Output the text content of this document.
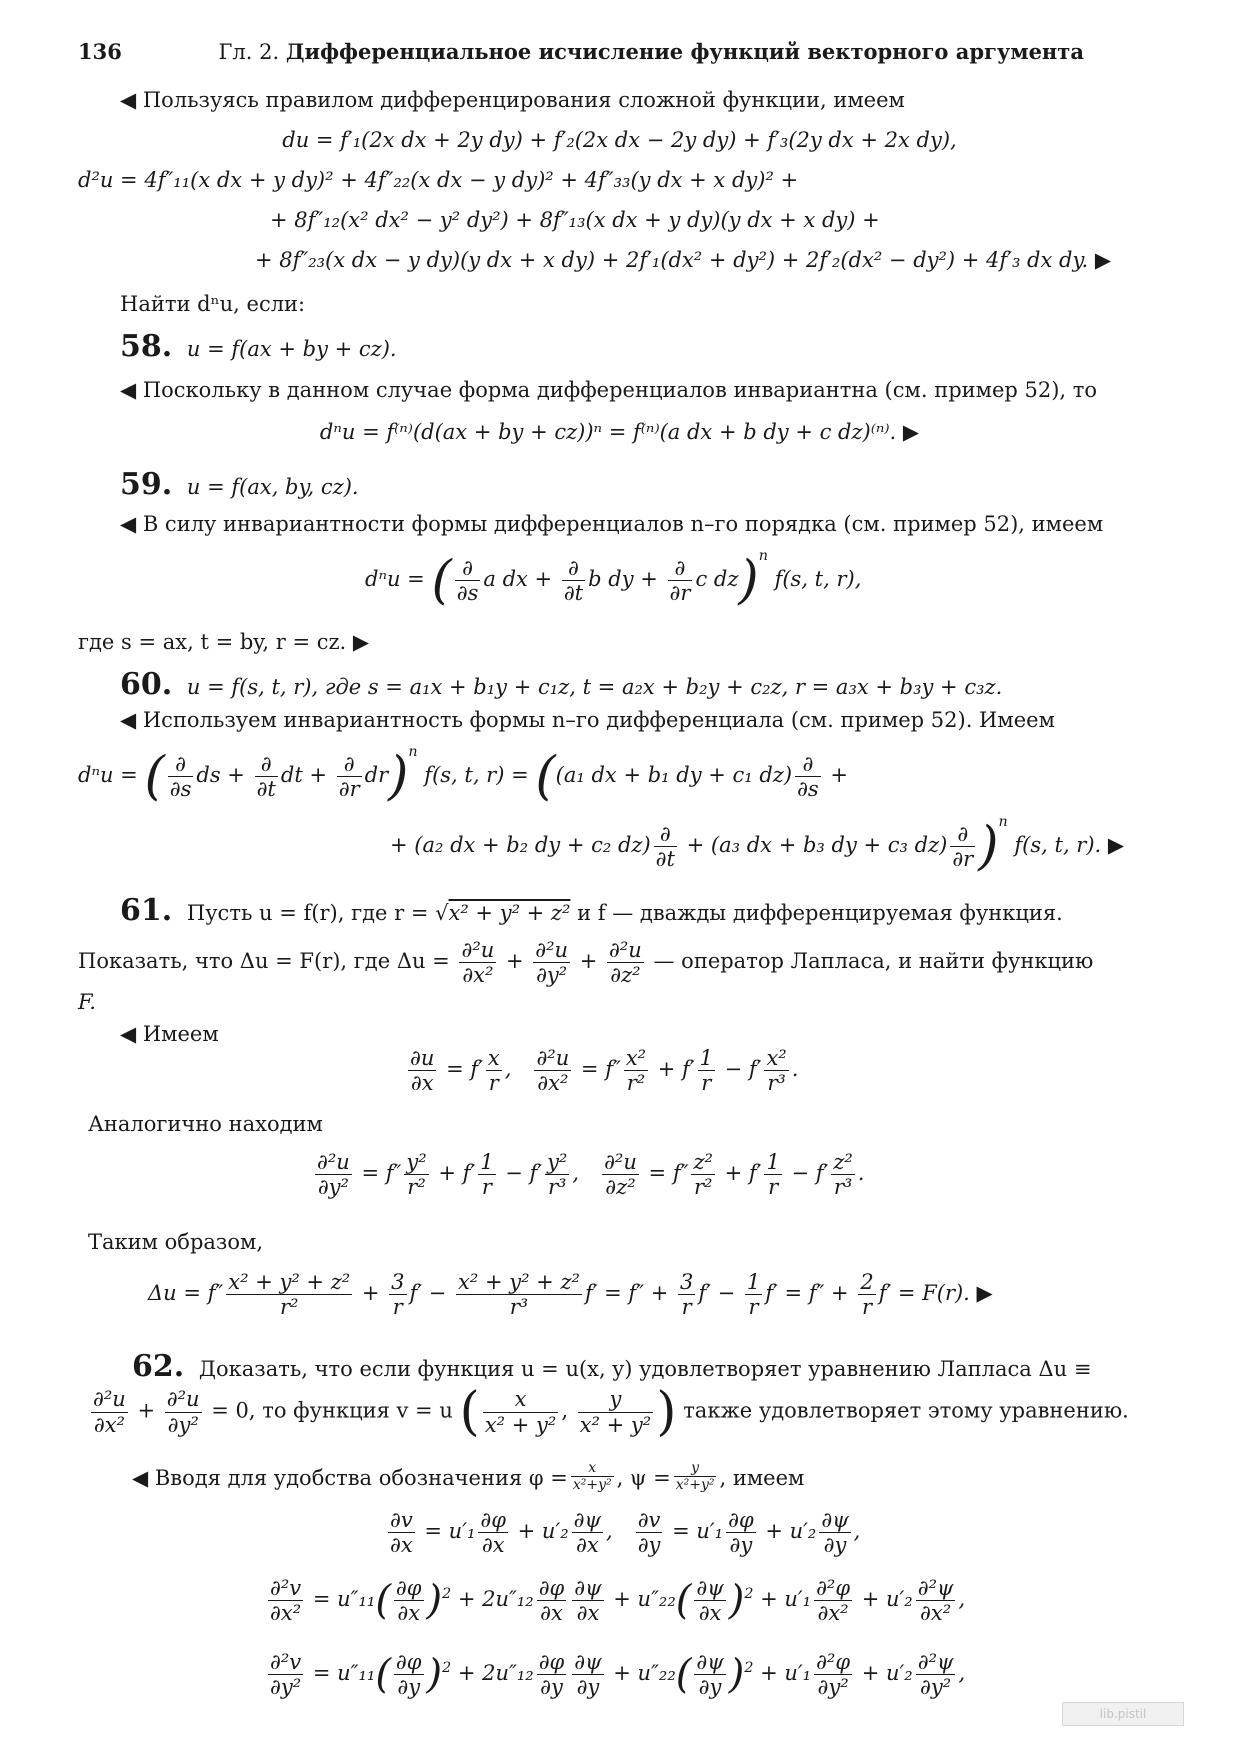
136	Гл. 2. Дифференциальное исчисление функций векторного аргумента
◀ Пользуясь правилом дифференцирования сложной функции, имеем
du = f′₁(2x dx + 2y dy) + f′₂(2x dx − 2y dy) + f′₃(2y dx + 2x dy),
d²u = 4f″₁₁(x dx + y dy)² + 4f″₂₂(x dx − y dy)² + 4f″₃₃(y dx + x dy)² +
+ 8f″₁₂(x² dx² − y² dy²) + 8f″₁₃(x dx + y dy)(y dx + x dy) +
+ 8f″₂₃(x dx − y dy)(y dx + x dy) + 2f′₁(dx² + dy²) + 2f′₂(dx² − dy²) + 4f′₃ dx dy. ▶
Найти dⁿu, если:
58. u = f(ax + by + cz).
◀ Поскольку в данном случае форма дифференциалов инвариантна (см. пример 52), то
dⁿu = f⁽ⁿ⁾(d(ax + by + cz))ⁿ = f⁽ⁿ⁾(a dx + b dy + c dz)⁽ⁿ⁾. ▶
59. u = f(ax, by, cz).
◀ В силу инвариантности формы дифференциалов n–го порядка (см. пример 52), имеем
dⁿu = ( $\frac{\partial}{\partial s}$ a dx + $\frac{\partial}{\partial t}$ b dy + $\frac{\partial}{\partial r}$ c dz)$^n$ f(s, t, r),
где s = ax, t = by, r = cz. ▶
60. u = f(s, t, r), где s = a₁x + b₁y + c₁z, t = a₂x + b₂y + c₂z, r = a₃x + b₃y + c₃z.
◀ Используем инвариантность формы n–го дифференциала (см. пример 52). Имеем
dⁿu = ( $\frac{\partial}{\partial s}$ ds + $\frac{\partial}{\partial t}$ dt + $\frac{\partial}{\partial r} dr)^n$ f(s, t, r) = ((a₁ dx + b₁ dy + c₁ $dz) \frac{\partial}{\partial s}$ +
+ (a₂ dx + b₂ dy + c₂ $dz) \frac{\partial}{\partial t} + (a_3$ dx + b₃ dy + c₃ $dz) \frac{\partial}{\partial r} )^n$ f(s, t, r). ▶
61. Пусть u = f(r), где r = √x² + y² + z² и f — дважды дифференцируемая функция.
Показать, что Δu = F(r), где $\Delta u = \frac{\text{∂²u}}{\text{∂x²}} + \frac{\text{∂²u}}{\text{∂y²}} + \frac{\text{∂²u}}{\text{∂z²}}$ — оператор Лапласа, и найти функцию
F.
◀ Имеем
$\frac{\partial u}{\partial x} = f' \frac{x}{r}$ , $\frac{\text{∂²u}}{\text{∂x²}} = f'' \frac{\text{x²}}{\text{r²}} + f' \frac{1}{r} - f' \frac{\text{x²}}{\text{r³}}$ .
Аналогично находим
$\frac{\text{∂²u}}{\text{∂y²}} = f'' \frac{\text{y²}}{\text{r²}} + f' \frac{1}{r} - f' \frac{\text{y²}}{\text{r³}}$ , $\frac{\text{∂²u}}{\text{∂z²}} = f'' \frac{\text{z²}}{\text{r²}} + f' \frac{1}{r} - f' \frac{\text{z²}}{\text{r³}}$ .
Таким образом,
$\Delta u = f'' \frac{\text{x² + y² + z²}}{\text{r²}} + \frac{3}{r} f' - \frac{\text{x² + y² + z²}}{\text{r³}} f' = f'' + \frac{3}{r} f' - \frac{1}{r} f' = f'' + \frac{2}{r} f' = F(r)$. ▶
62. Доказать, что если функция u = u(x, y) удовлетворяет уравнению Лапласа Δu ≡
$\frac{\text{∂²u}}{\text{∂x²}} + \frac{\text{∂²u}}{\text{∂y²}} = 0$, то функция v = u ( $\frac{x}{\text{x² + y²}}$ , $\frac{y}{\text{x² + y²}}$ ) также удовлетворяет этому уравнению.
◀ Вводя для удобства обозначения $\varphi = \frac{x}{\text{x²+y²}}$ , $\psi = \frac{y}{\text{x²+y²}}$ , имеем
$\frac{\partial v}{\partial x} = u'_1 \frac{\partial\varphi}{\partial x} + u'_2 \frac{\partial\psi}{\partial x}$ , $\frac{\partial v}{\partial y} = u'_1 \frac{\partial\varphi}{\partial y} + u'_2 \frac{\partial\psi}{\partial y}$ ,
$\frac{\text{∂²v}}{\text{∂x²}} = u''_{11}( \frac{\partial\varphi}{\partial x} )^2 + 2u''_{12} \frac{\partial\varphi}{\partial x} \frac{\partial\psi}{\partial x} + u''_{22}( \frac{\partial\psi}{\partial x} )^2 + u'_1 \frac{\text{∂²φ}}{\text{∂x²}} + u'_2 \frac{\text{∂²ψ}}{\text{∂x²}}$ ,
$\frac{\text{∂²v}}{\text{∂y²}} = u''_{11}( \frac{\partial\varphi}{\partial y} )^2 + 2u''_{12} \frac{\partial\varphi}{\partial y} \frac{\partial\psi}{\partial y} + u''_{22}( \frac{\partial\psi}{\partial y} )^2 + u'_1 \frac{\text{∂²φ}}{\text{∂y²}} + u'_2 \frac{\text{∂²ψ}}{\text{∂y²}}$ ,
lib.pistil
